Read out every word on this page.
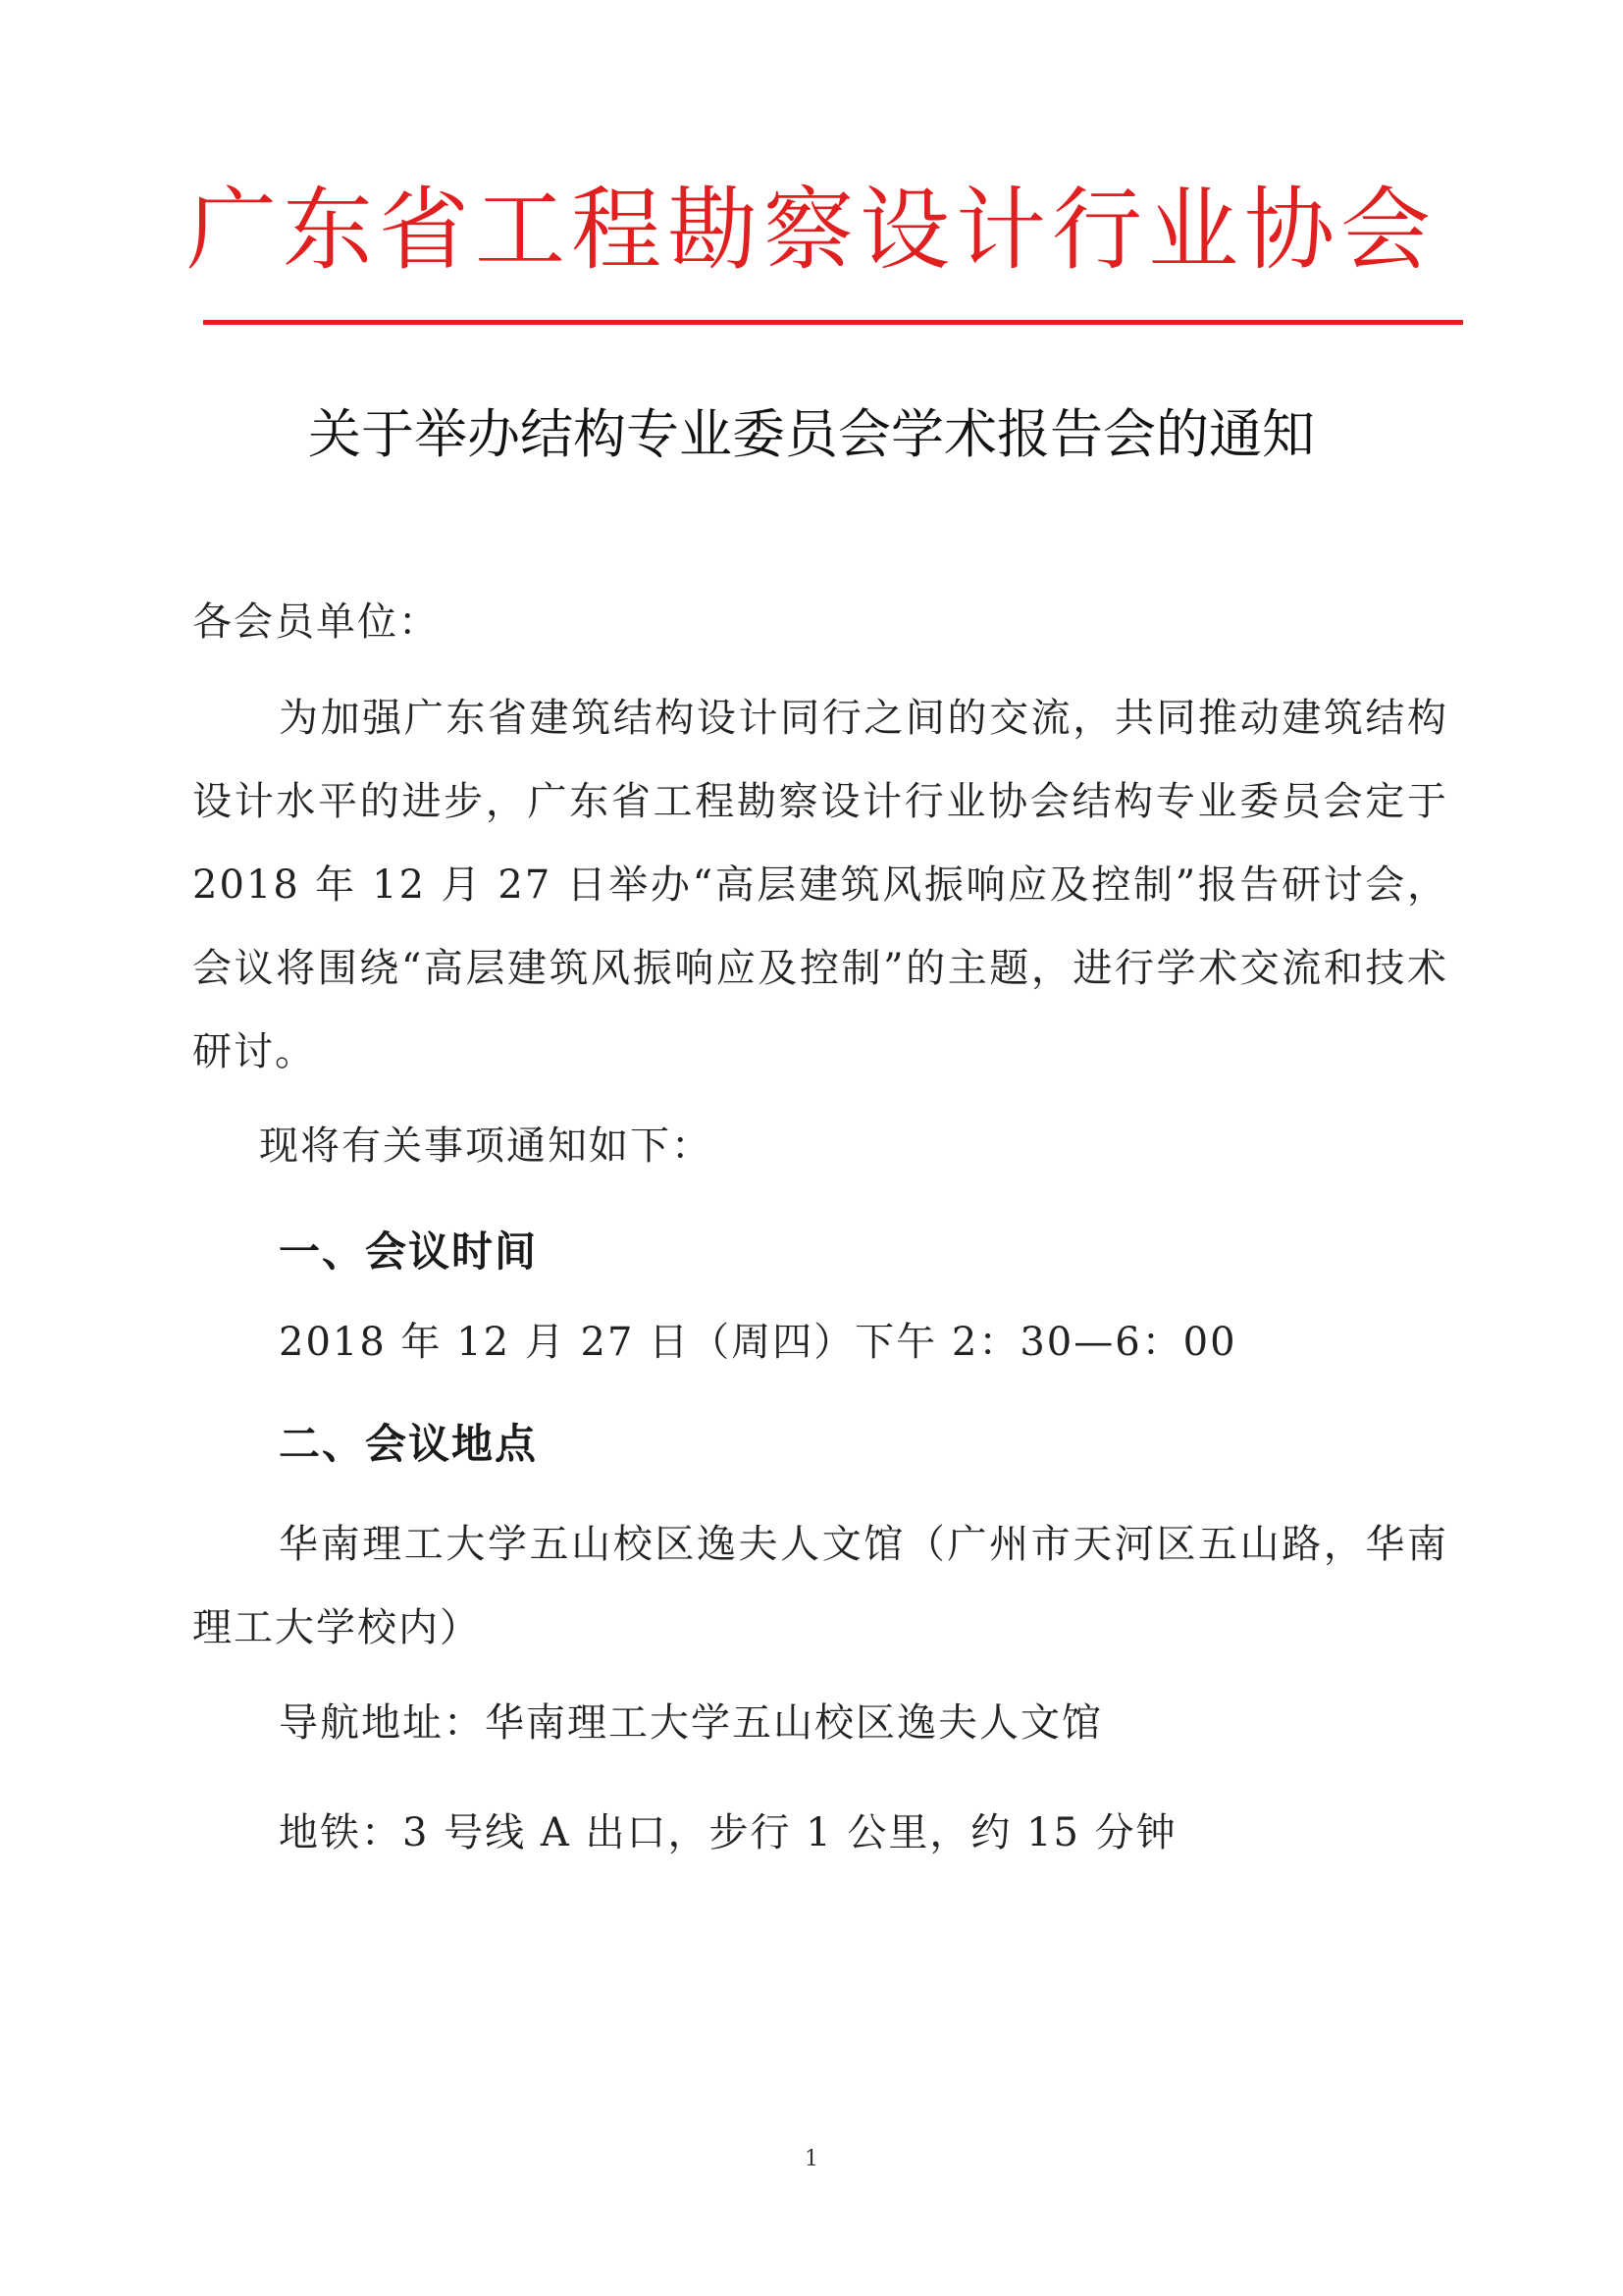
广东省工程勘察设计行业协会
关于举办结构专业委员会学术报告会的通知
各会员单位：

为加强广东省建筑结构设计同行之间的交流，共同推动建筑结构设计水平的进步，广东省工程勘察设计行业协会结构专业委员会定于 2018 年 12 月 27 日举办“高层建筑风振响应及控制”报告研讨会，会议将围绕“高层建筑风振响应及控制”的主题，进行学术交流和技术研讨。

现将有关事项通知如下：
一、会议时间
2018 年 12 月 27 日（周四）下午 2：30—6：00
二、会议地点

华南理工大学五山校区逸夫人文馆（广州市天河区五山路，华南理工大学校内）

导航地址：华南理工大学五山校区逸夫人文馆
地铁：3 号线 A 出口，步行 1 公里，约 15 分钟
1
